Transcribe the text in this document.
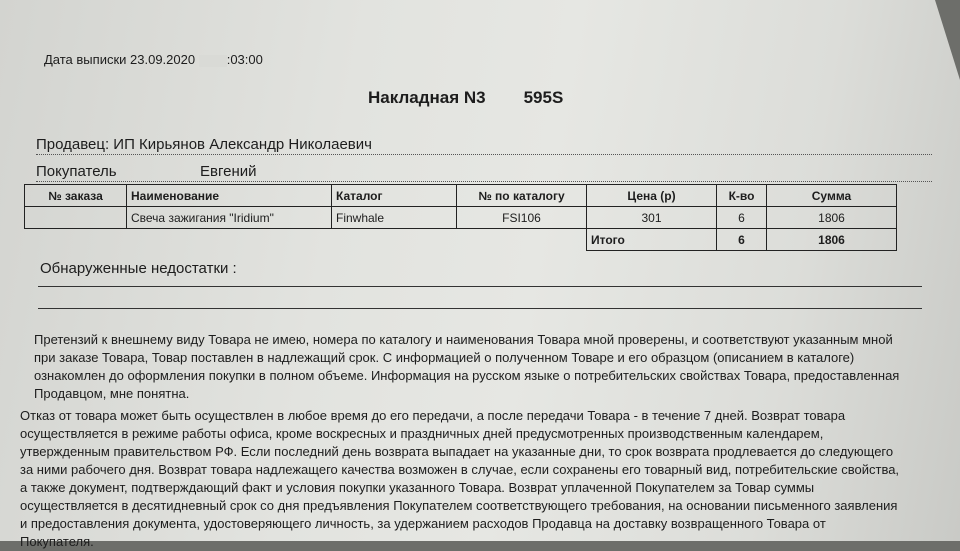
Дата выписки 23.09.2020 :03:00
Накладная N3 595S
Продавец: ИП Кирьянов Александр Николаевич
Покупатель	Евгений
№ заказа	Наименование	Каталог	№ по каталогу	Цена (р)	К-во	Сумма
	Свеча зажигания "Iridium"	Finwhale	FSI106	301	6	1806
				Итого	6	1806
Обнаруженные недостатки :
Претензий к внешнему виду Товара не имею, номера по каталогу и наименования Товара мной проверены, и соответствуют указанным мной
при заказе Товара, Товар поставлен в надлежащий срок. С информацией о полученном Товаре и его образцом (описанием в каталоге)
ознакомлен до оформления покупки в полном объеме. Информация на русском языке о потребительских свойствах Товара, предоставленная
Продавцом, мне понятна.
Отказ от товара может быть осуществлен в любое время до его передачи, а после передачи Товара - в течение 7 дней. Возврат товара
осуществляется в режиме работы офиса, кроме воскресных и праздничных дней предусмотренных производственным календарем,
утвержденным правительством РФ. Если последний день возврата выпадает на указанные дни, то срок возврата продлевается до следующего
за ними рабочего дня. Возврат товара надлежащего качества возможен в случае, если сохранены его товарный вид, потребительские свойства,
а также документ, подтверждающий факт и условия покупки указанного Товара. Возврат уплаченной Покупателем за Товар суммы
осуществляется в десятидневный срок со дня предъявления Покупателем соответствующего требования, на основании письменного заявления
и предоставления документа, удостоверяющего личность, за удержанием расходов Продавца на доставку возвращенного Товара от
Покупателя.
